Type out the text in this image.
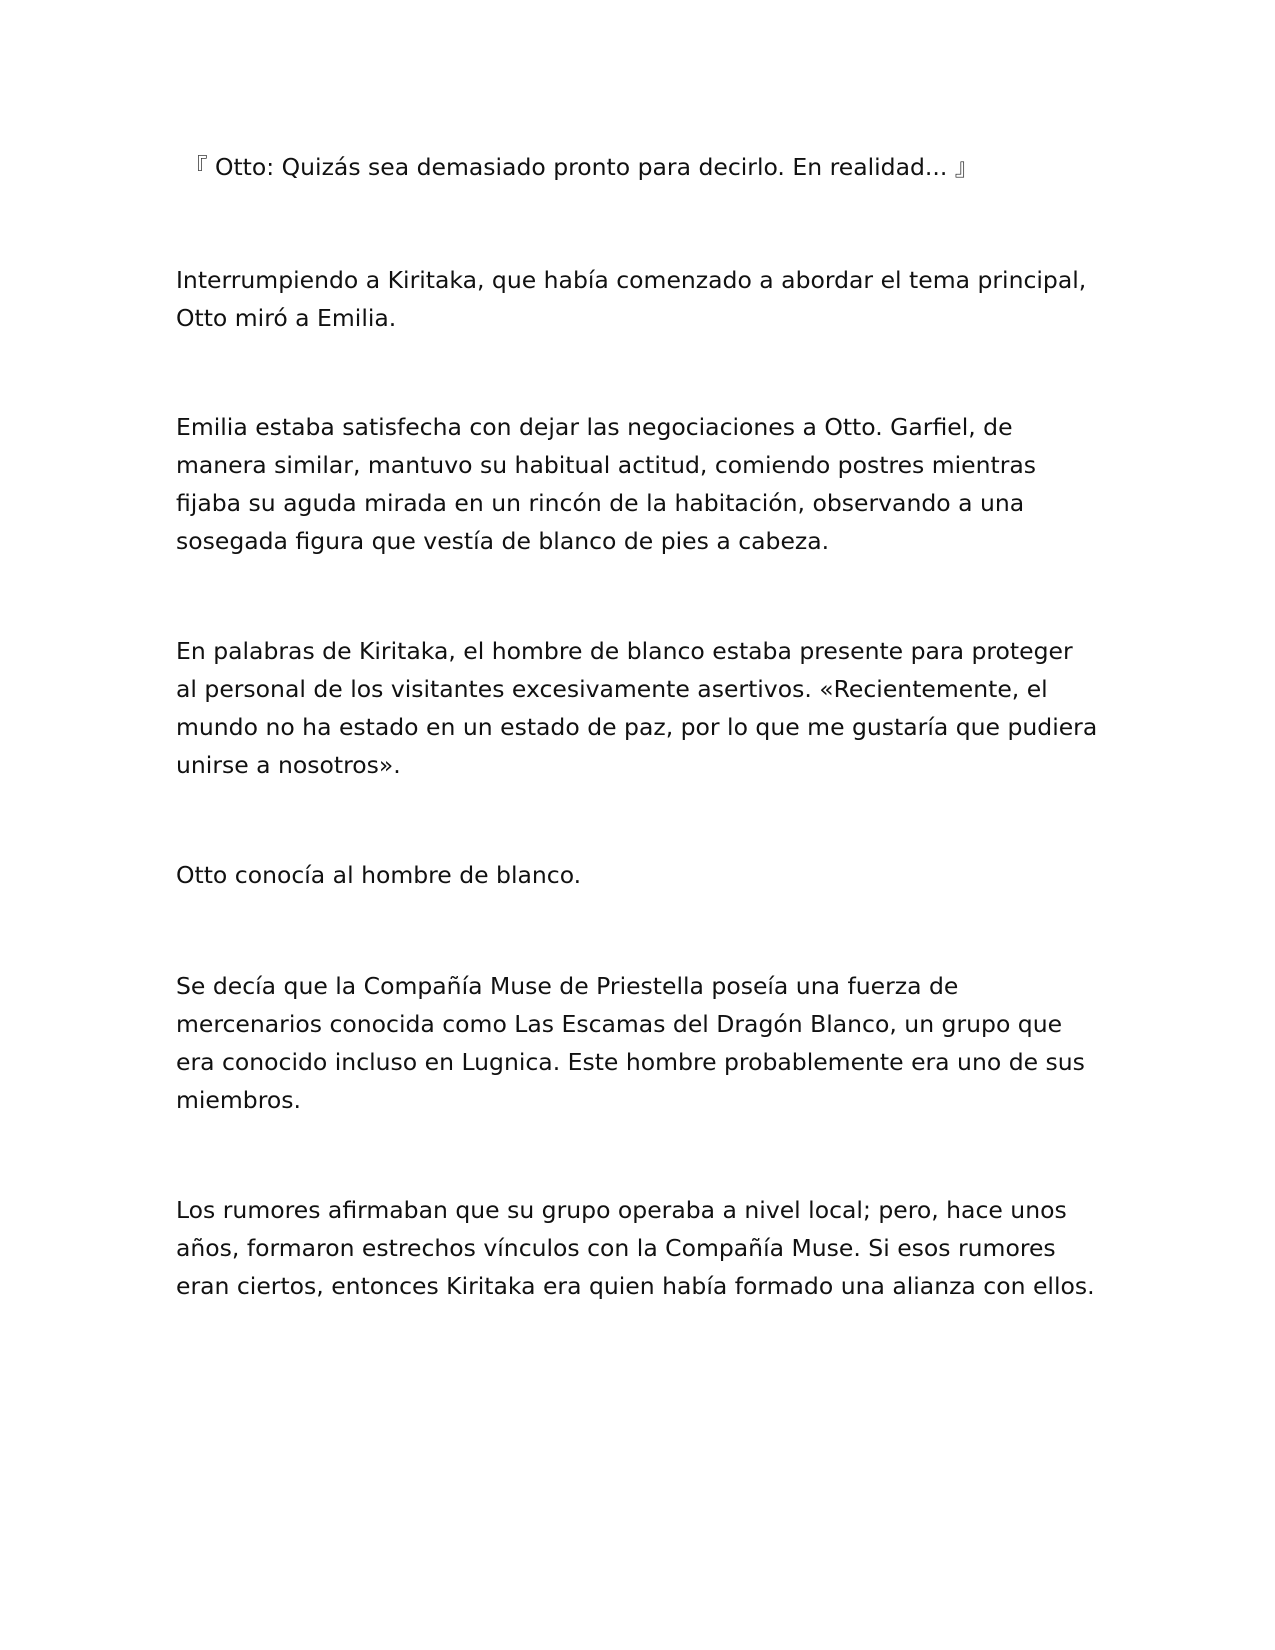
『 Otto: Quizás sea demasiado pronto para decirlo. En realidad... 』

Interrumpiendo a Kiritaka, que había comenzado a abordar el tema principal,
Otto miró a Emilia.

Emilia estaba satisfecha con dejar las negociaciones a Otto. Garfiel, de
manera similar, mantuvo su habitual actitud, comiendo postres mientras
fijaba su aguda mirada en un rincón de la habitación, observando a una
sosegada figura que vestía de blanco de pies a cabeza.

En palabras de Kiritaka, el hombre de blanco estaba presente para proteger
al personal de los visitantes excesivamente asertivos. «Recientemente, el
mundo no ha estado en un estado de paz, por lo que me gustaría que pudiera
unirse a nosotros».

Otto conocía al hombre de blanco.

Se decía que la Compañía Muse de Priestella poseía una fuerza de
mercenarios conocida como Las Escamas del Dragón Blanco, un grupo que
era conocido incluso en Lugnica. Este hombre probablemente era uno de sus
miembros.

Los rumores afirmaban que su grupo operaba a nivel local; pero, hace unos
años, formaron estrechos vínculos con la Compañía Muse. Si esos rumores
eran ciertos, entonces Kiritaka era quien había formado una alianza con ellos.
